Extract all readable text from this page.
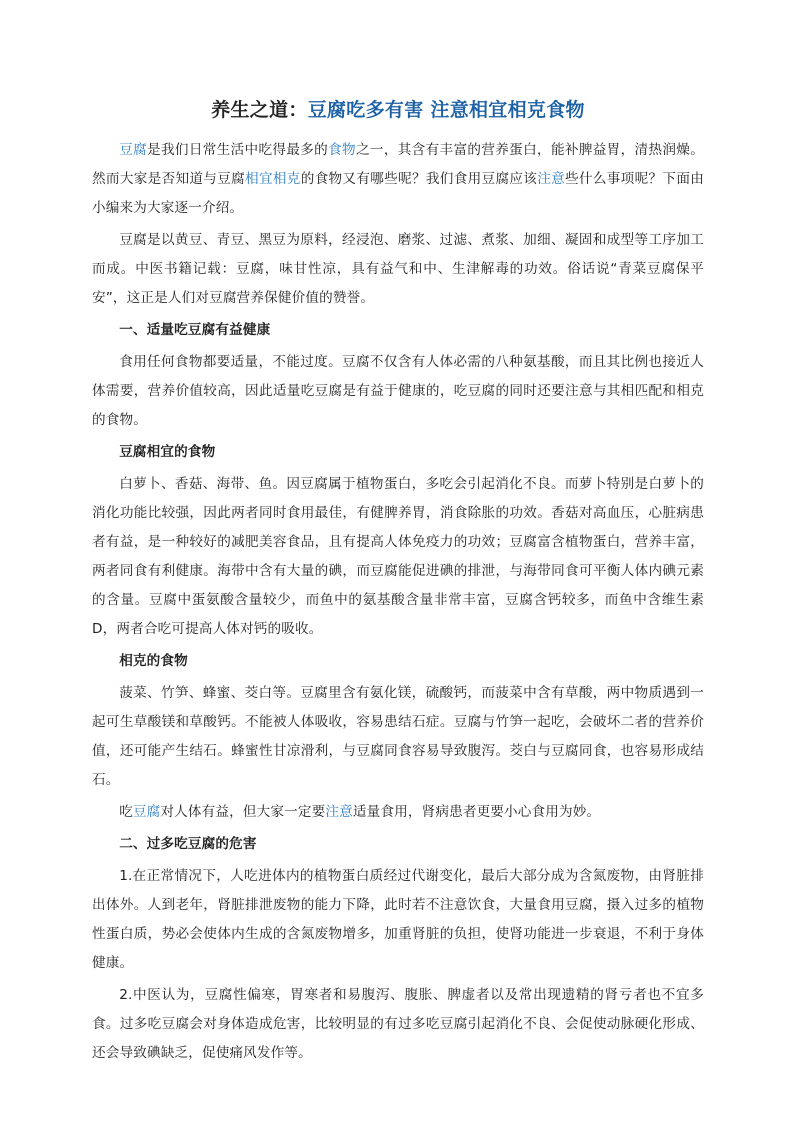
养生之道：豆腐吃多有害 注意相宜相克食物

豆腐是我们日常生活中吃得最多的食物之一，其含有丰富的营养蛋白，能补脾益胃，清热润燥。然而大家是否知道与豆腐相宜相克的食物又有哪些呢？我们食用豆腐应该注意些什么事项呢？下面由小编来为大家逐一介绍。

豆腐是以黄豆、青豆、黑豆为原料，经浸泡、磨浆、过滤、煮浆、加细、凝固和成型等工序加工而成。中医书籍记载：豆腐，味甘性凉，具有益气和中、生津解毒的功效。俗话说“青菜豆腐保平安”，这正是人们对豆腐营养保健价值的赞誉。

一、适量吃豆腐有益健康

食用任何食物都要适量，不能过度。豆腐不仅含有人体必需的八种氨基酸，而且其比例也接近人体需要，营养价值较高，因此适量吃豆腐是有益于健康的，吃豆腐的同时还要注意与其相匹配和相克的食物。

豆腐相宜的食物

白萝卜、香菇、海带、鱼。因豆腐属于植物蛋白，多吃会引起消化不良。而萝卜特别是白萝卜的消化功能比较强，因此两者同时食用最佳，有健脾养胃，消食除胀的功效。香菇对高血压，心脏病患者有益，是一种较好的减肥美容食品，且有提高人体免疫力的功效；豆腐富含植物蛋白，营养丰富，两者同食有利健康。海带中含有大量的碘，而豆腐能促进碘的排泄，与海带同食可平衡人体内碘元素的含量。豆腐中蛋氨酸含量较少，而鱼中的氨基酸含量非常丰富，豆腐含钙较多，而鱼中含维生素 D，两者合吃可提高人体对钙的吸收。

相克的食物

菠菜、竹笋、蜂蜜、茭白等。豆腐里含有氨化镁，硫酸钙，而菠菜中含有草酸，两中物质遇到一起可生草酸镁和草酸钙。不能被人体吸收，容易患结石症。豆腐与竹笋一起吃，会破坏二者的营养价值，还可能产生结石。蜂蜜性甘凉滑利，与豆腐同食容易导致腹泻。茭白与豆腐同食，也容易形成结石。

吃豆腐对人体有益，但大家一定要注意适量食用，肾病患者更要小心食用为妙。

二、过多吃豆腐的危害

1.在正常情况下，人吃进体内的植物蛋白质经过代谢变化，最后大部分成为含氮废物，由肾脏排出体外。人到老年，肾脏排泄废物的能力下降，此时若不注意饮食，大量食用豆腐，摄入过多的植物性蛋白质，势必会使体内生成的含氮废物增多，加重肾脏的负担，使肾功能进一步衰退，不利于身体健康。

2.中医认为，豆腐性偏寒，胃寒者和易腹泻、腹胀、脾虚者以及常出现遗精的肾亏者也不宜多食。过多吃豆腐会对身体造成危害，比较明显的有过多吃豆腐引起消化不良、会促使动脉硬化形成、还会导致碘缺乏，促使痛风发作等。
